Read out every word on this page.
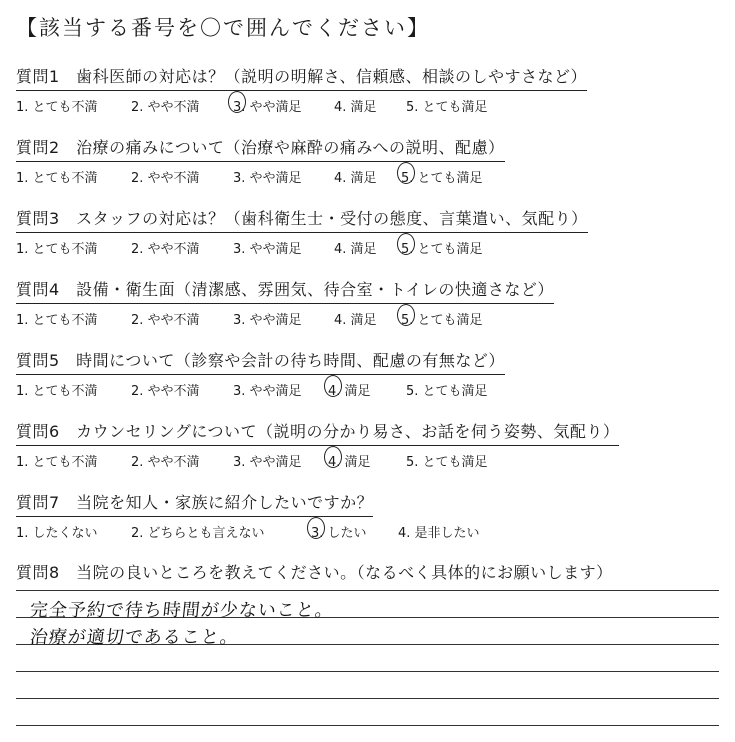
【該当する番号を〇で囲んでください】
質問1　歯科医師の対応は？（説明の明解さ、信頼感、相談のしやすさなど）
1. とても不満	2. やや不満	3. やや満足 4. 満足 5. とても満足
質問2　治療の痛みについて（治療や麻酔の痛みへの説明、配慮）
1. とても不満	2. やや不満	3. やや満足 4. 満足 5. とても満足
質問3　スタッフの対応は？（歯科衛生士・受付の態度、言葉遣い、気配り）
1. とても不満	2. やや不満	3. やや満足 4. 満足 5. とても満足
質問4　設備・衛生面（清潔感、雰囲気、待合室・トイレの快適さなど）
1. とても不満	2. やや不満	3. やや満足 4. 満足 5. とても満足
質問5　時間について（診察や会計の待ち時間、配慮の有無など）
1. とても不満	2. やや不満	3. やや満足 4. 満足	5. とても満足
質問6　カウンセリングについて（説明の分かり易さ、お話を伺う姿勢、気配り）
1. とても不満	2. やや不満	3. やや満足 4. 満足	5. とても満足
質問7　当院を知人・家族に紹介したいですか？
1. したくない	2. どちらとも言えない	3. したい 4. 是非したい
質問8　当院の良いところを教えてください。（なるべく具体的にお願いします）
完全予約で待ち時間が少ないこと。
治療が適切であること。
